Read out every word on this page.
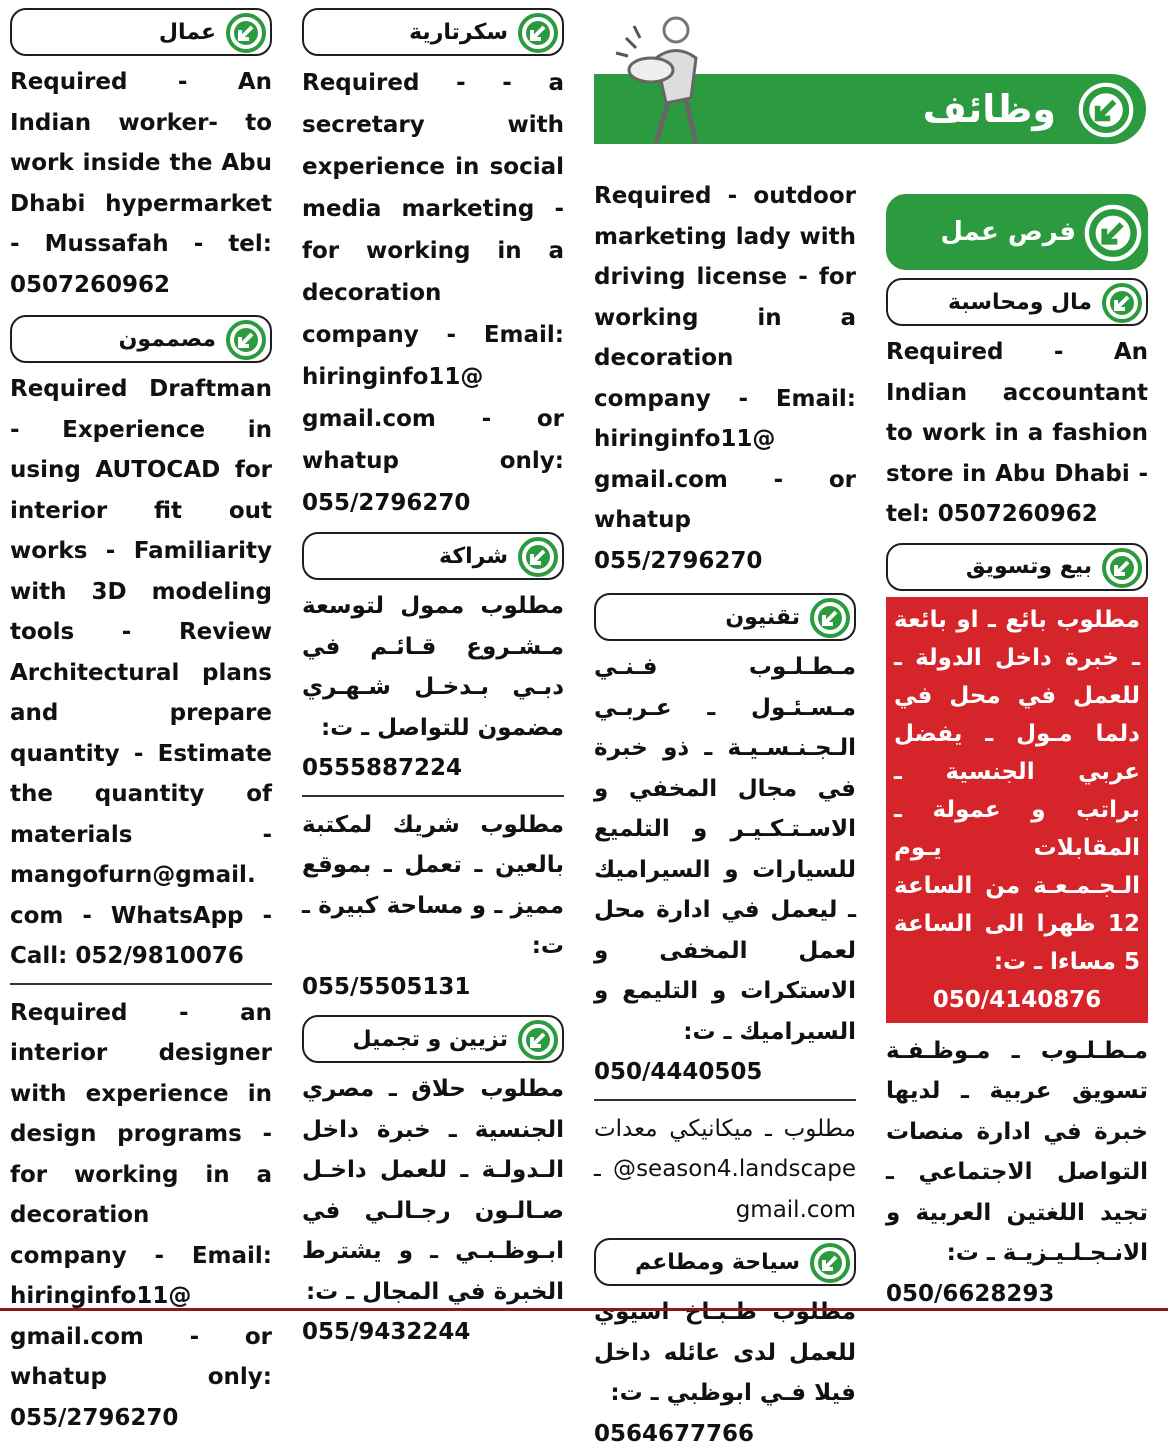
عمال

Required - An Indian worker- to work inside the Abu Dhabi hypermarket - Mussafah - tel: 0507260962

مصممون

Required Draftman - Experience in using AUTOCAD for interior fit out works - Familiarity with 3D modeling tools - Review Architectural plans and prepare quantity - Estimate the quantity of materials - mangofurn@gmail. com - WhatsApp - Call: 052/9810076

Required - an interior designer with experience in design programs - for working in a decoration company - Email: hiringinfo11@ gmail.com - or whatup only: 055/2796270

سكرتارية

Required - - a secretary with experience in social media marketing - for working in a decoration company - Email: hiringinfo11@ gmail.com - or whatup only: 055/2796270

شراكة

مطلوب ممول لتوسعة مـشـروع قـائـم في دبـي بـدخـل شـهـري مضمون للتواصل ـ ت:
0555887224

مطلوب شريك لمكتبة بالعين ـ تعمل ـ بموقع مميز ـ و مساحة كبيرة ـ ت:
055/5505131

تزيين و تجميل

مطلوب حلاق ـ مصري الجنسية ـ خبرة داخل الـدولـة ـ للعمل داخـل صـالـون رجـالـي في ابـوظـبـي ـ و يشترط الخبرة في المجال ـ ت:
055/9432244

وظائف

Required - outdoor marketing lady with driving license - for working in a decoration company - Email: hiringinfo11@ gmail.com - or whatup 055/2796270

تقنيون

مـطـلـوب فـنـي مـسـئـول ـ عـربـي الـجـنـسـيـة ـ ذو خبرة في مجال المخفي و الاسـتـكـيـر و التلميع للسيارات و السيراميك ـ ليعمل في ادارة محل لعمل المخفى و الاستكرات و التليمع و السيراميك ـ ت:
050/4440505

مطلوب ـ ميكانيكي معدات season4.landscape@ ـ gmail.com

سياحة ومطاعم

مطلوب طـبـاخ اسيوي للعمل لدى عائله داخل فيلا فـي ابوظبي ـ ت:
0564677766

فرص عمل
مال ومحاسبة

Required - An Indian accountant to work in a fashion store in Abu Dhabi - tel: 0507260962

بيع وتسويق
مطلوب بائع ـ او بائعة ـ خبرة داخل الدولة ـ للعمل في محل في دلما مـول ـ يفضل عربي الجنسية ـ براتب و عمولة ـ المقابلات يـوم الـجـمـعـة من الساعة 12 ظهرا الى الساعة 5 مساءا ـ ت:
050/4140876

مـطـلـوب ـ مـوظـفـة تسويق عربية ـ لديها خبرة في ادارة منصات التواصل الاجتماعي ـ تجيد اللغتين العربية و الانـجـلـيـزيـة ـ ت:
050/6628293
